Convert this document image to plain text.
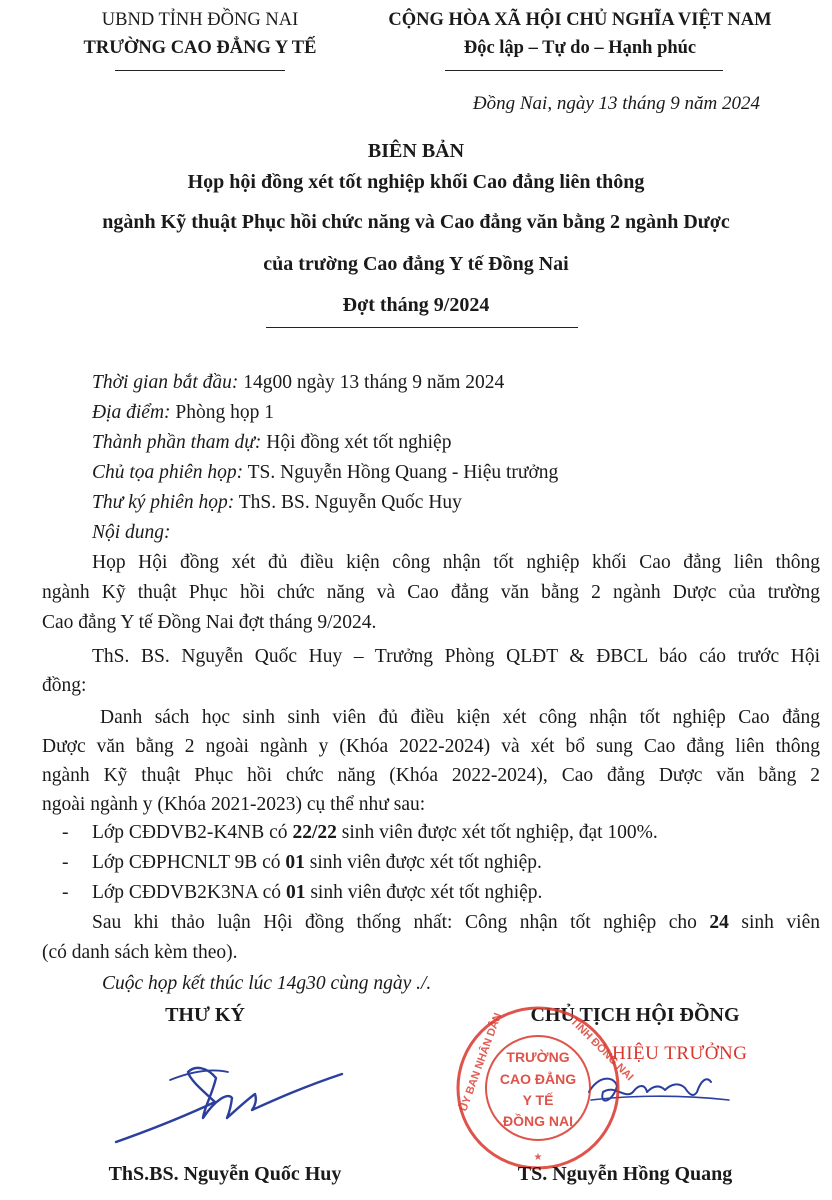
UBND TỈNH ĐỒNG NAI
TRƯỜNG CAO ĐẲNG Y TẾ
CỘNG HÒA XÃ HỘI CHỦ NGHĨA VIỆT NAM
Độc lập – Tự do – Hạnh phúc
Đồng Nai, ngày 13 tháng 9 năm 2024
BIÊN BẢN
Họp hội đồng xét tốt nghiệp khối Cao đẳng liên thông
ngành Kỹ thuật Phục hồi chức năng và Cao đẳng văn bằng 2 ngành Dược
của trường Cao đẳng Y tế Đồng Nai
Đợt tháng 9/2024
Thời gian bắt đầu: 14g00 ngày 13 tháng 9 năm 2024
Địa điểm: Phòng họp 1
Thành phần tham dự: Hội đồng xét tốt nghiệp
Chủ tọa phiên họp: TS. Nguyễn Hồng Quang - Hiệu trưởng
Thư ký phiên họp: ThS. BS. Nguyễn Quốc Huy
Nội dung:
Họp Hội đồng xét đủ điều kiện công nhận tốt nghiệp khối Cao đẳng liên thông
ngành Kỹ thuật Phục hồi chức năng và Cao đẳng văn bằng 2 ngành Dược của trường
Cao đẳng Y tế Đồng Nai đợt tháng 9/2024.
ThS. BS. Nguyễn Quốc Huy – Trưởng Phòng QLĐT & ĐBCL báo cáo trước Hội
đồng:
Danh sách học sinh sinh viên đủ điều kiện xét công nhận tốt nghiệp Cao đẳng
Dược văn bằng 2 ngoài ngành y (Khóa 2022-2024) và xét bổ sung Cao đẳng liên thông
ngành Kỹ thuật Phục hồi chức năng (Khóa 2022-2024), Cao đẳng Dược văn bằng 2
ngoài ngành y (Khóa 2021-2023) cụ thể như sau:
- Lớp CĐDVB2-K4NB có 22/22 sinh viên được xét tốt nghiệp, đạt 100%.
- Lớp CĐPHCNLT 9B có 01 sinh viên được xét tốt nghiệp.
- Lớp CĐDVB2K3NA có 01 sinh viên được xét tốt nghiệp.
Sau khi thảo luận Hội đồng thống nhất: Công nhận tốt nghiệp cho 24 sinh viên
(có danh sách kèm theo).
Cuộc họp kết thúc lúc 14g30 cùng ngày ./.
THƯ KÝ	CHỦ TỊCH HỘI ĐỒNG
HIỆU TRƯỞNG
TRƯỜNG
CAO ĐẲNG
Y TẾ
ĐỒNG NAI
ỦY BAN NHÂN DÂN	TỈNH ĐỒNG NAI
★
ThS.BS. Nguyễn Quốc Huy	TS. Nguyễn Hồng Quang
